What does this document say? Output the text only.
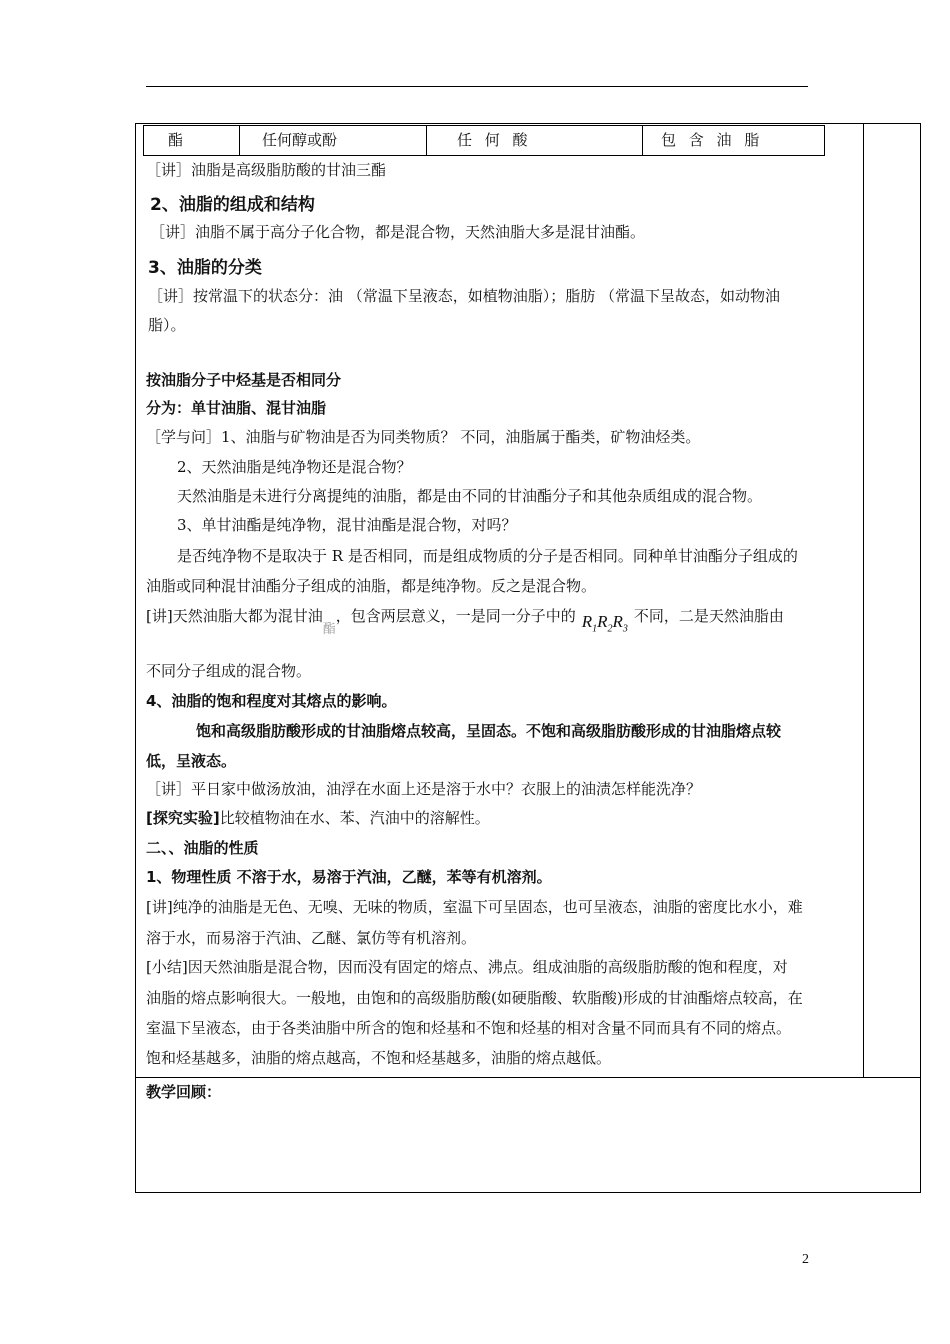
酯	任何醇或酚	任 何 酸	包 含 油 脂
［讲］油脂是高级脂肪酸的甘油三酯
2、油脂的组成和结构
［讲］油脂不属于高分子化合物，都是混合物，天然油脂大多是混甘油酯。
3、油脂的分类
［讲］按常温下的状态分：油 （常温下呈液态，如植物油脂）；脂肪 （常温下呈故态，如动物油
脂）。
按油脂分子中烃基是否相同分
分为：单甘油脂、混甘油脂
［学与问］1、油脂与矿物油是否为同类物质？ 不同，油脂属于酯类，矿物油烃类。
2、天然油脂是纯净物还是混合物？
天然油脂是未进行分离提纯的油脂，都是由不同的甘油酯分子和其他杂质组成的混合物。
3、单甘油酯是纯净物，混甘油酯是混合物，对吗？
是否纯净物不是取决于 R 是否相同，而是组成物质的分子是否相同。同种单甘油酯分子组成的
油脂或同种混甘油酯分子组成的油脂，都是纯净物。反之是混合物。
[讲]天然油脂大都为混甘油酯，包含两层意义，一是同一分子中的 $R_1R_2R_3$不同，二是天然油脂由
不同分子组成的混合物。
4、油脂的饱和程度对其熔点的影响。
饱和高级脂肪酸形成的甘油脂熔点较高，呈固态。不饱和高级脂肪酸形成的甘油脂熔点较
低，呈液态。
［讲］平日家中做汤放油，油浮在水面上还是溶于水中？衣服上的油渍怎样能洗净？
[探究实验]比较植物油在水、苯、汽油中的溶解性。
二、、油脂的性质
1、物理性质 不溶于水，易溶于汽油，乙醚，苯等有机溶剂。
[讲]纯净的油脂是无色、无嗅、无味的物质，室温下可呈固态，也可呈液态，油脂的密度比水小，难
溶于水，而易溶于汽油、乙醚、氯仿等有机溶剂。
[小结]因天然油脂是混合物，因而没有固定的熔点、沸点。组成油脂的高级脂肪酸的饱和程度，对
油脂的熔点影响很大。一般地，由饱和的高级脂肪酸(如硬脂酸、软脂酸)形成的甘油酯熔点较高，在
室温下呈液态，由于各类油脂中所含的饱和烃基和不饱和烃基的相对含量不同而具有不同的熔点。
饱和烃基越多，油脂的熔点越高，不饱和烃基越多，油脂的熔点越低。
教学回顾：
2
